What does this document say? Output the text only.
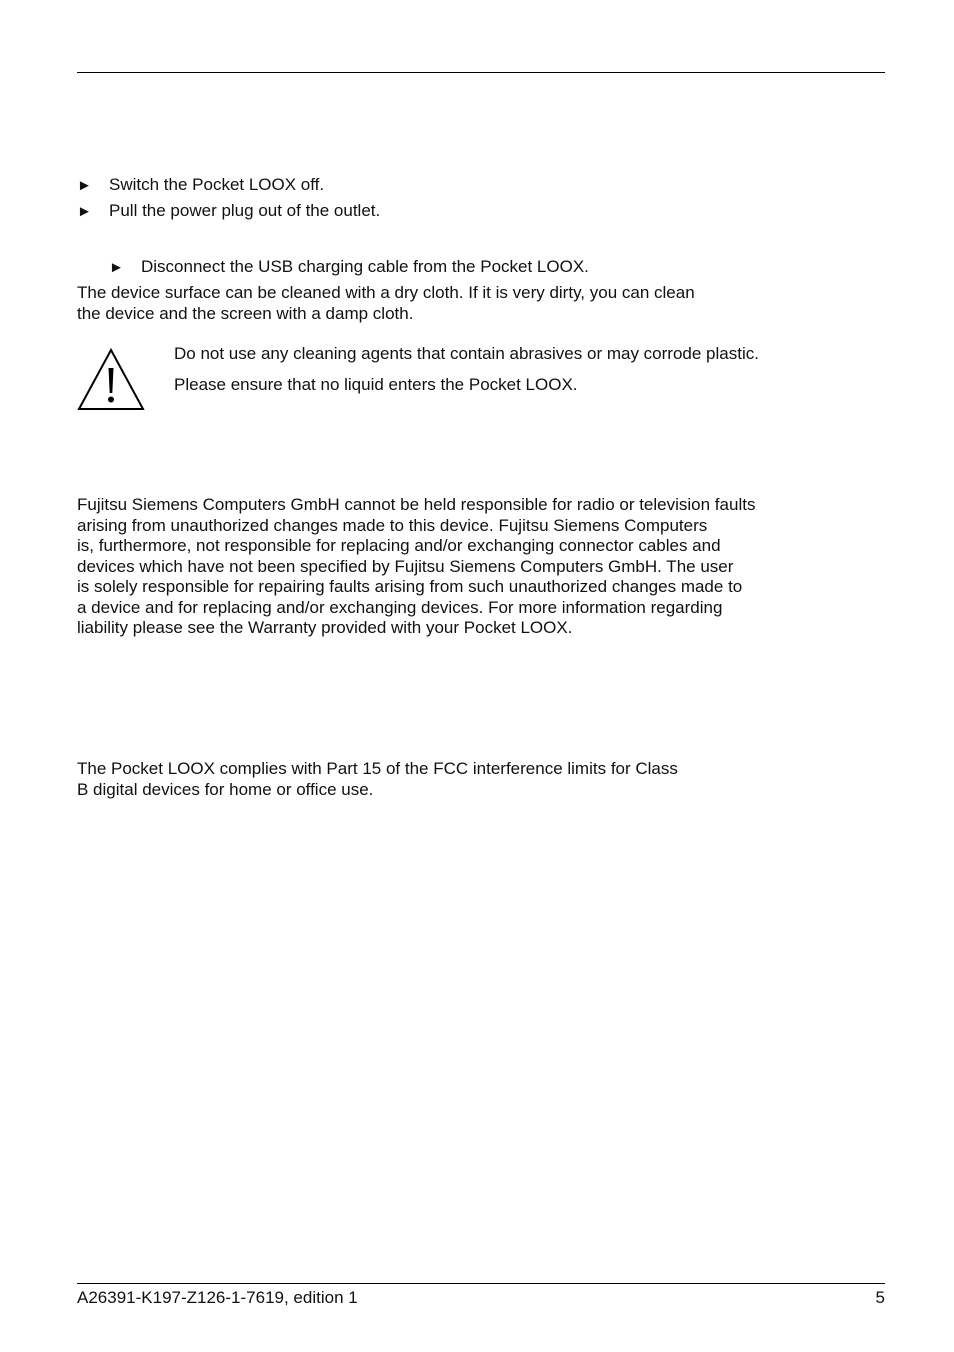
► Switch the Pocket LOOX off.
► Pull the power plug out of the outlet.
► Disconnect the USB charging cable from the Pocket LOOX.
The device surface can be cleaned with a dry cloth. If it is very dirty, you can clean
the device and the screen with a damp cloth.
Do not use any cleaning agents that contain abrasives or may corrode plastic.
Please ensure that no liquid enters the Pocket LOOX.
Fujitsu Siemens Computers GmbH cannot be held responsible for radio or television faults
arising from unauthorized changes made to this device. Fujitsu Siemens Computers
is, furthermore, not responsible for replacing and/or exchanging connector cables and
devices which have not been specified by Fujitsu Siemens Computers GmbH. The user
is solely responsible for repairing faults arising from such unauthorized changes made to
a device and for replacing and/or exchanging devices. For more information regarding
liability please see the Warranty provided with your Pocket LOOX.
The Pocket LOOX complies with Part 15 of the FCC interference limits for Class
B digital devices for home or office use.
A26391-K197-Z126-1-7619, edition 1	5
